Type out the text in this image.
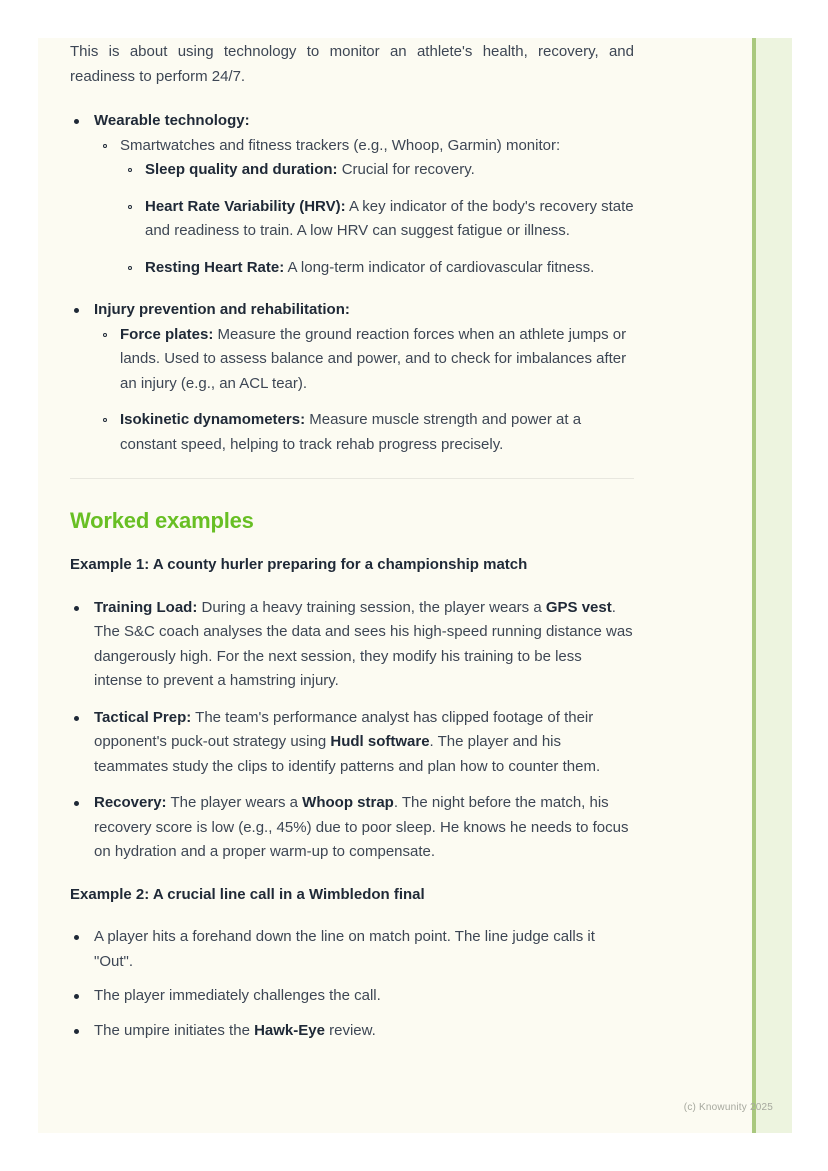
This is about using technology to monitor an athlete's health, recovery, and readiness to perform 24/7.

Wearable technology:
Smartwatches and fitness trackers (e.g., Whoop, Garmin) monitor:
Sleep quality and duration: Crucial for recovery.
Heart Rate Variability (HRV): A key indicator of the body's recovery state and readiness to train. A low HRV can suggest fatigue or illness.
Resting Heart Rate: A long-term indicator of cardiovascular fitness.
Injury prevention and rehabilitation:
Force plates: Measure the ground reaction forces when an athlete jumps or lands. Used to assess balance and power, and to check for imbalances after an injury (e.g., an ACL tear).
Isokinetic dynamometers: Measure muscle strength and power at a constant speed, helping to track rehab progress precisely.
Worked examples
Example 1: A county hurler preparing for a championship match
Training Load: During a heavy training session, the player wears a GPS vest. The S&C coach analyses the data and sees his high-speed running distance was dangerously high. For the next session, they modify his training to be less intense to prevent a hamstring injury.
Tactical Prep: The team's performance analyst has clipped footage of their opponent's puck-out strategy using Hudl software. The player and his teammates study the clips to identify patterns and plan how to counter them.
Recovery: The player wears a Whoop strap. The night before the match, his recovery score is low (e.g., 45%) due to poor sleep. He knows he needs to focus on hydration and a proper warm-up to compensate.
Example 2: A crucial line call in a Wimbledon final
A player hits a forehand down the line on match point. The line judge calls it "Out".
The player immediately challenges the call.
The umpire initiates the Hawk-Eye review.
(c) Knowunity 2025
